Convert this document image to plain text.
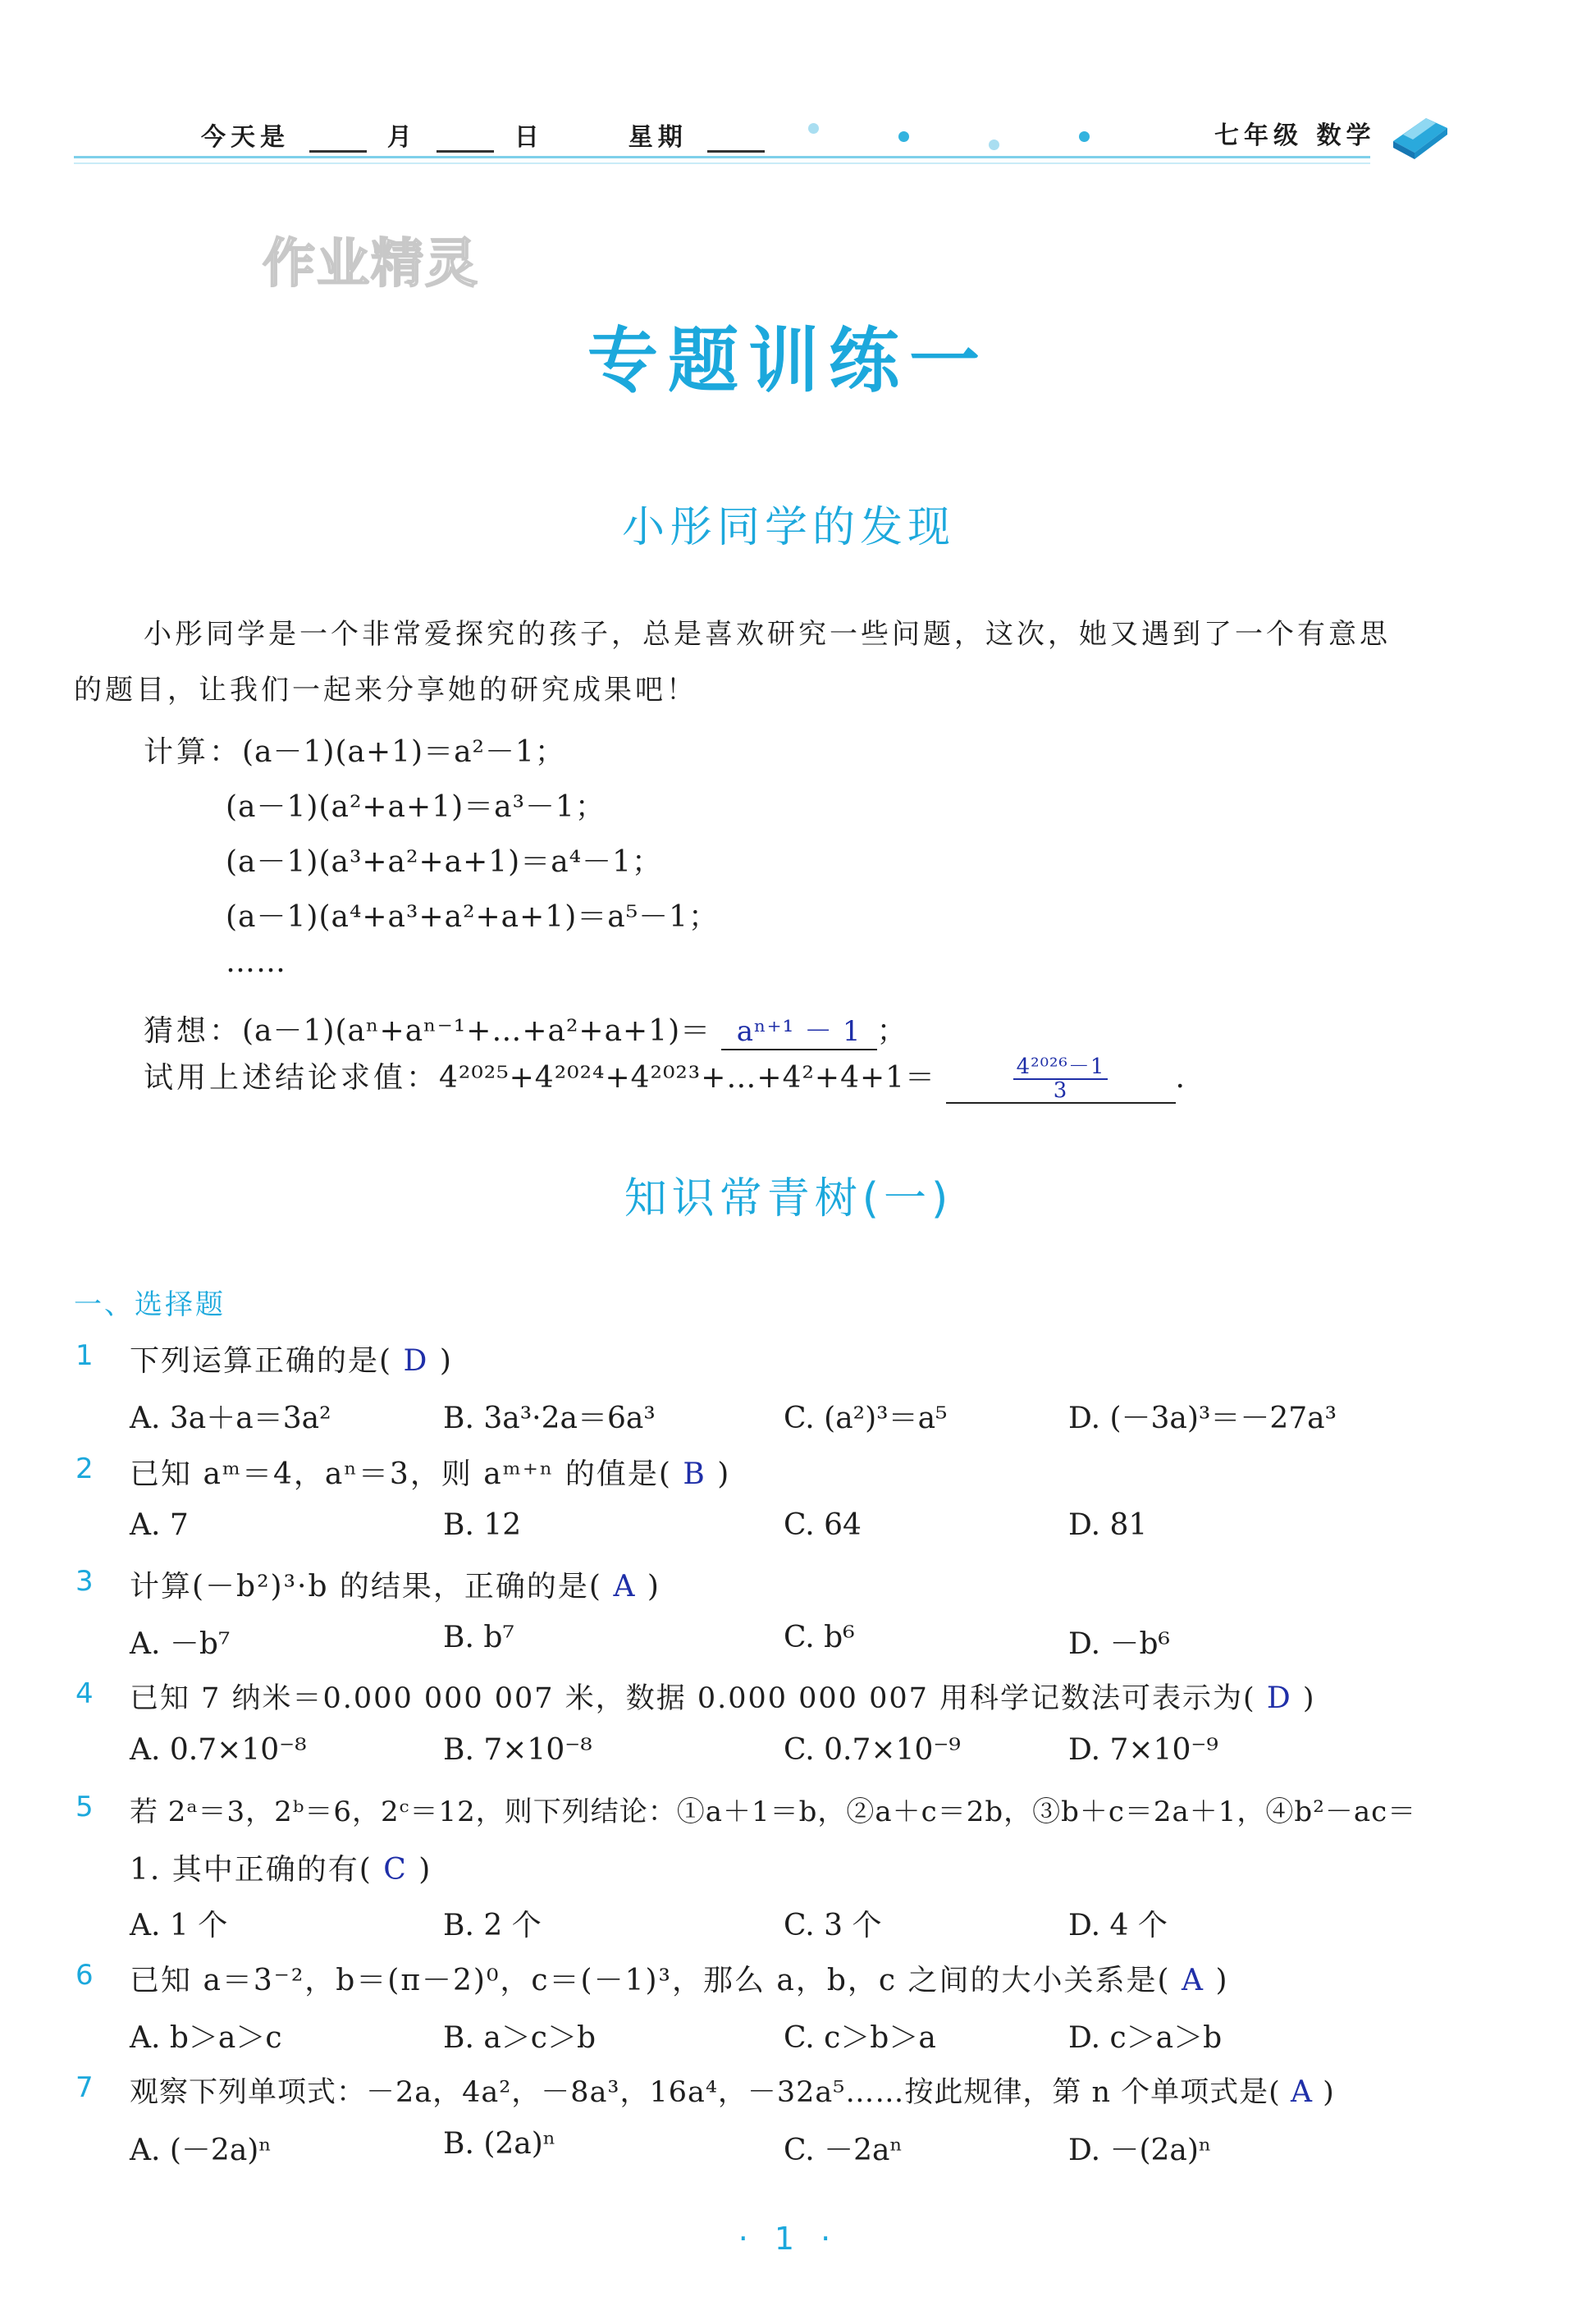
今天是	月	日	星期	七年级 数学
作业精灵
专题训练一
小彤同学的发现
小彤同学是一个非常爱探究的孩子，总是喜欢研究一些问题，这次，她又遇到了一个有意思
的题目，让我们一起来分享她的研究成果吧！
计算：(a－1)(a+1)＝a²－1；
(a－1)(a²+a+1)＝a³－1；
(a－1)(a³+a²+a+1)＝a⁴－1；
(a－1)(a⁴+a³+a²+a+1)＝a⁵－1；
……
猜想：(a－1)(aⁿ+aⁿ⁻¹+…+a²+a+1)＝ aⁿ⁺¹ － 1 ；
试用上述结论求值：4²⁰²⁵+4²⁰²⁴+4²⁰²³+…+4²+4+1＝	$\frac{\text{4²⁰²⁶－1}}{3}$ .
知识常青树(一)
一、选择题
1 下列运算正确的是( D )
A. 3a＋a＝3a²	B. 3a³·2a＝6a³	C. (a²)³＝a⁵	D. (－3a)³＝－27a³
2 已知 aᵐ＝4，aⁿ＝3，则 aᵐ⁺ⁿ 的值是( B )
A. 7	B. 12	C. 64	D. 81
3 计算(－b²)³·b 的结果，正确的是( A )
A. －b⁷	B. b⁷	C. b⁶	D. －b⁶
4 已知 7 纳米＝0.000 000 007 米，数据 0.000 000 007 用科学记数法可表示为( D )
A. 0.7×10⁻⁸	B. 7×10⁻⁸	C. 0.7×10⁻⁹	D. 7×10⁻⁹
5 若 2ᵃ＝3，2ᵇ＝6，2ᶜ＝12，则下列结论：①a＋1＝b，②a＋c＝2b，③b＋c＝2a＋1，④b²－ac＝
1. 其中正确的有( C )
A. 1 个	B. 2 个	C. 3 个	D. 4 个
6 已知 a＝3⁻²，b＝(π－2)⁰，c＝(－1)³，那么 a，b，c 之间的大小关系是( A )
A. b＞a＞c	B. a＞c＞b	C. c＞b＞a	D. c＞a＞b
7 观察下列单项式：－2a，4a²，－8a³，16a⁴，－32a⁵……按此规律，第 n 个单项式是( A )
A. (－2a)ⁿ	B. (2a)ⁿ	C. －2aⁿ	D. －(2a)ⁿ
· 1 ·
